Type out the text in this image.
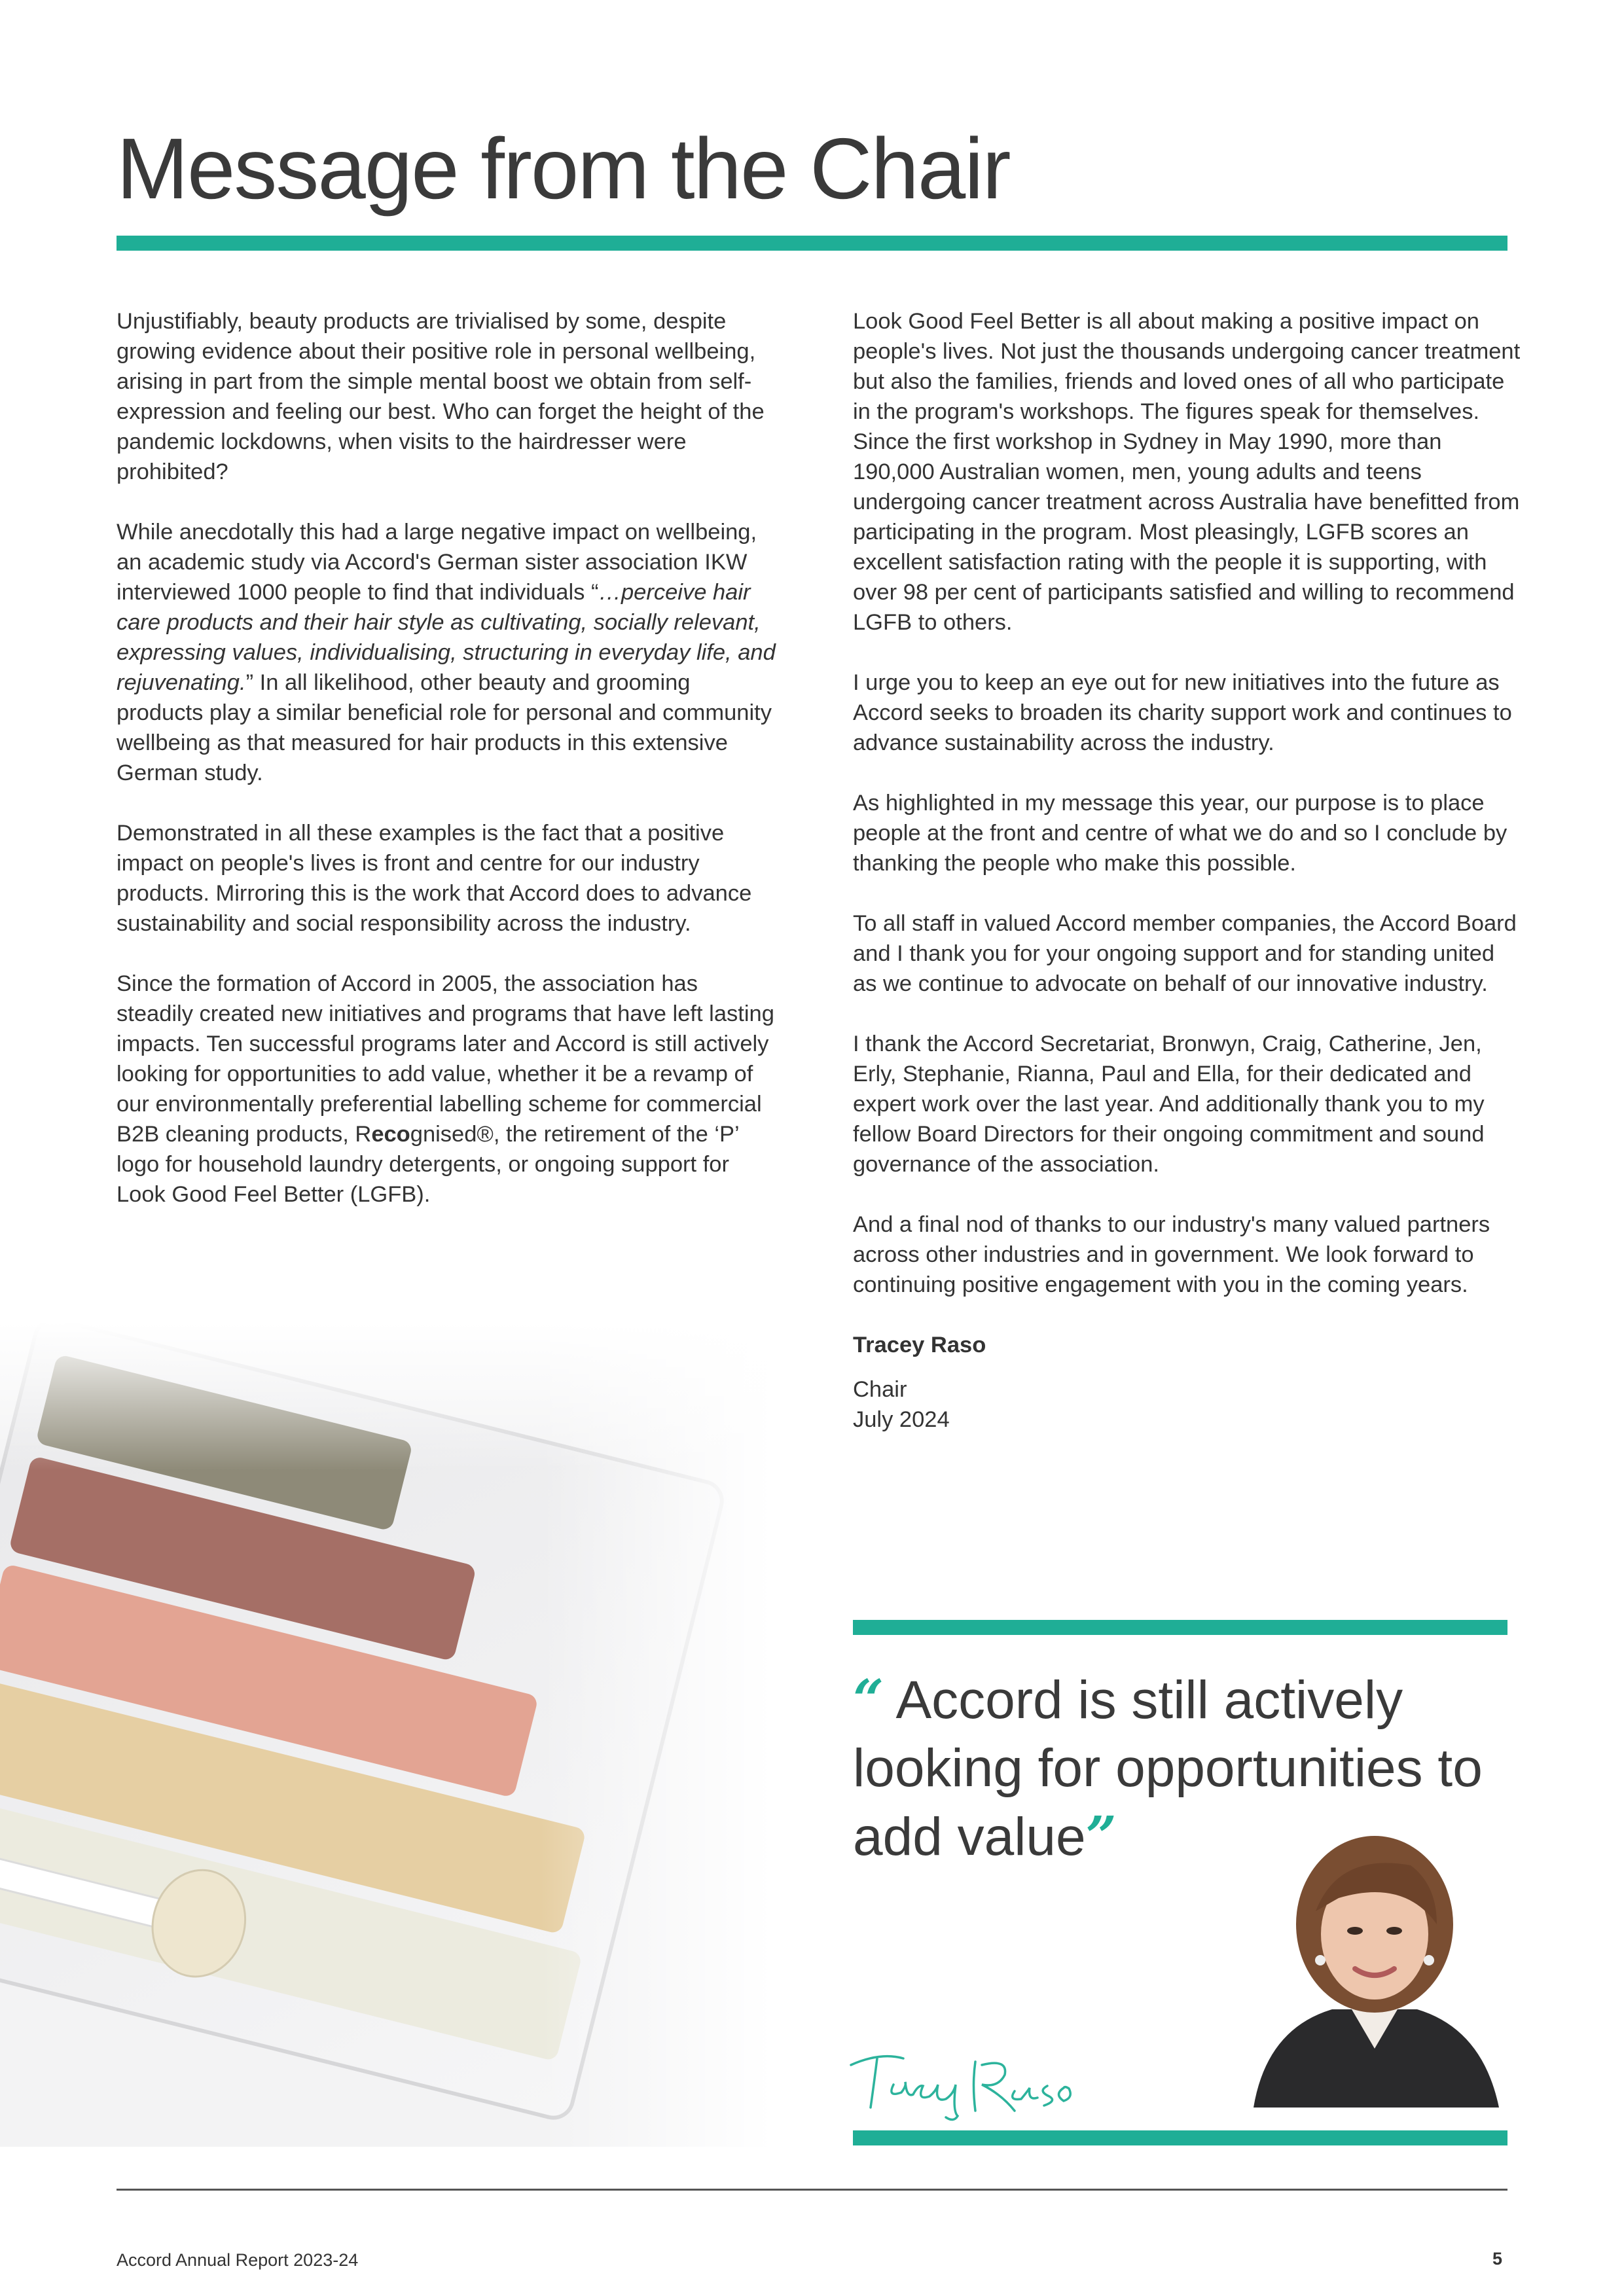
Message from the Chair

Unjustifiably, beauty products are trivialised by some, despite growing evidence about their positive role in personal wellbeing, arising in part from the simple mental boost we obtain from self-expression and feeling our best. Who can forget the height of the pandemic lockdowns, when visits to the hairdresser were prohibited?

While anecdotally this had a large negative impact on wellbeing, an academic study via Accord's German sister association IKW interviewed 1000 people to find that individuals “…perceive hair care products and their hair style as cultivating, socially relevant, expressing values, individualising, structuring in everyday life, and rejuvenating.” In all likelihood, other beauty and grooming products play a similar beneficial role for personal and community wellbeing as that measured for hair products in this extensive German study.

Demonstrated in all these examples is the fact that a positive impact on people's lives is front and centre for our industry products. Mirroring this is the work that Accord does to advance sustainability and social responsibility across the industry.

Since the formation of Accord in 2005, the association has steadily created new initiatives and programs that have left lasting impacts. Ten successful programs later and Accord is still actively looking for opportunities to add value, whether it be a revamp of our environmentally preferential labelling scheme for commercial B2B cleaning products, Recognised®, the retirement of the ‘P’ logo for household laundry detergents, or ongoing support for Look Good Feel Better (LGFB).

Look Good Feel Better is all about making a positive impact on people's lives. Not just the thousands undergoing cancer treatment but also the families, friends and loved ones of all who participate in the program's workshops. The figures speak for themselves. Since the first workshop in Sydney in May 1990, more than 190,000 Australian women, men, young adults and teens undergoing cancer treatment across Australia have benefitted from participating in the program. Most pleasingly, LGFB scores an excellent satisfaction rating with the people it is supporting, with over 98 per cent of participants satisfied and willing to recommend LGFB to others.

I urge you to keep an eye out for new initiatives into the future as Accord seeks to broaden its charity support work and continues to advance sustainability across the industry.

As highlighted in my message this year, our purpose is to place people at the front and centre of what we do and so I conclude by thanking the people who make this possible.

To all staff in valued Accord member companies, the Accord Board and I thank you for your ongoing support and for standing united as we continue to advocate on behalf of our innovative industry.

I thank the Accord Secretariat, Bronwyn, Craig, Catherine, Jen, Erly, Stephanie, Rianna, Paul and Ella, for their dedicated and expert work over the last year. And additionally thank you to my fellow Board Directors for their ongoing commitment and sound governance of the association.

And a final nod of thanks to our industry's many valued partners across other industries and in government. We look forward to continuing positive engagement with you in the coming years.

Tracey Raso

Chair
July 2024

“ Accord is still actively looking for opportunities to add value”
Accord Annual Report 2023-24	5
